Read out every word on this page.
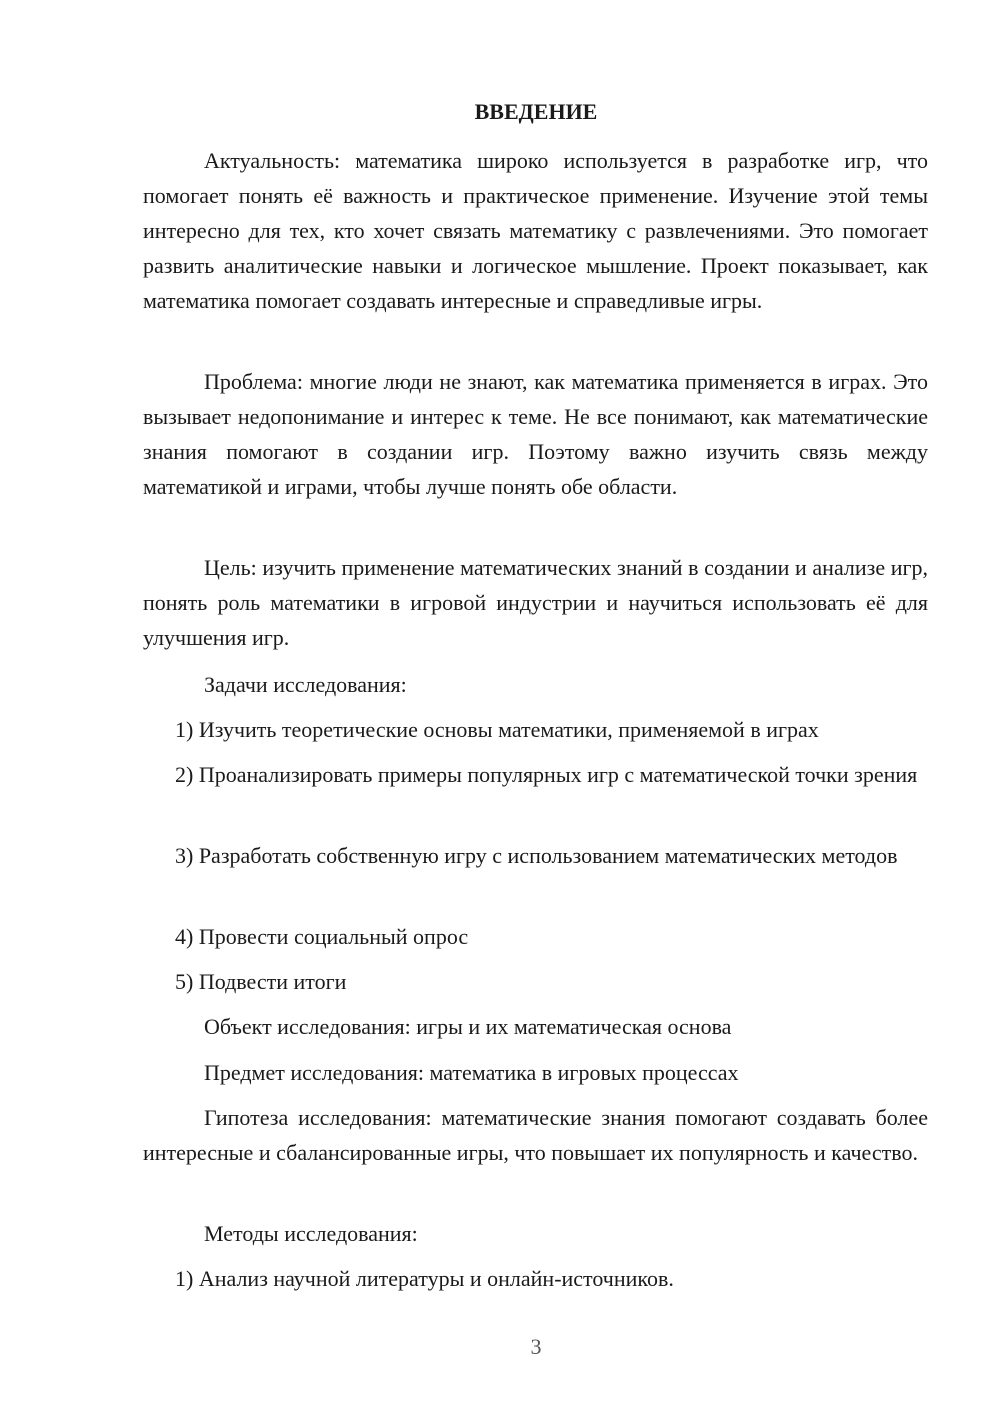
ВВЕДЕНИЕ

Актуальность: математика широко используется в разработке игр, что помогает понять её важность и практическое применение. Изучение этой темы интересно для тех, кто хочет связать математику с развлечениями. Это помогает развить аналитические навыки и логическое мышление. Проект показывает, как математика помогает создавать интересные и справедливые игры.

Проблема: многие люди не знают, как математика применяется в играх. Это вызывает недопонимание и интерес к теме. Не все понимают, как математические знания помогают в создании игр. Поэтому важно изучить связь между математикой и играми, чтобы лучше понять обе области.

Цель: изучить применение математических знаний в создании и анализе игр, понять роль математики в игровой индустрии и научиться использовать её для улучшения игр.

Задачи исследования:

1) Изучить теоретические основы математики, применяемой в играх

2) Проанализировать примеры популярных игр с математической точки зрения

3) Разработать собственную игру с использованием математических методов

4) Провести социальный опрос

5) Подвести итоги

Объект исследования: игры и их математическая основа

Предмет исследования: математика в игровых процессах

Гипотеза исследования: математические знания помогают создавать более интересные и сбалансированные игры, что повышает их популярность и качество.

Методы исследования:

1) Анализ научной литературы и онлайн-источников.

3
